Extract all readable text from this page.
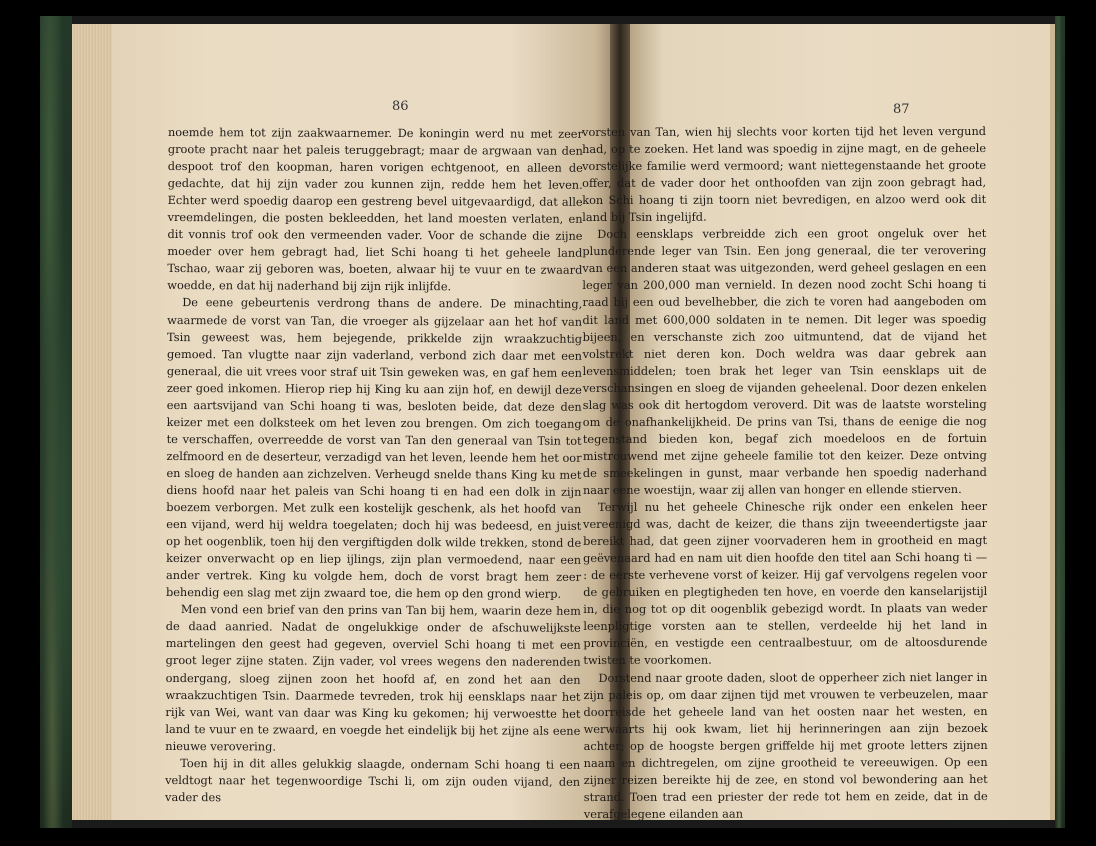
86	87

noemde hem tot zijn zaakwaarnemer. De koningin werd nu met zeer groote pracht naar het paleis teruggebragt; maar de argwaan van den despoot trof den koopman, haren vorigen echtgenoot, en alleen de gedachte, dat hij zijn vader zou kunnen zijn, redde hem het leven. Echter werd spoedig daarop een gestreng bevel uitgevaardigd, dat alle vreemdelingen, die posten bekleedden, het land moesten verlaten, en dit vonnis trof ook den vermeenden vader. Voor de schande die zijne moeder over hem gebragt had, liet Schi hoang ti het geheele land Tschao, waar zij geboren was, boeten, alwaar hij te vuur en te zwaard woedde, en dat hij naderhand bij zijn rijk inlijfde.

De eene gebeurtenis verdrong thans de andere. De minachting, waarmede de vorst van Tan, die vroeger als gijzelaar aan het hof van Tsin geweest was, hem bejegende, prikkelde zijn wraakzuchtig gemoed. Tan vlugtte naar zijn vaderland, verbond zich daar met een generaal, die uit vrees voor straf uit Tsin geweken was, en gaf hem een zeer goed inkomen. Hierop riep hij King ku aan zijn hof, en dewijl deze een aartsvijand van Schi hoang ti was, besloten beide, dat deze den keizer met een dolksteek om het leven zou brengen. Om zich toegang te verschaffen, overreedde de vorst van Tan den generaal van Tsin tot zelfmoord en de deserteur, verzadigd van het leven, leende hem het oor en sloeg de handen aan zichzelven. Verheugd snelde thans King ku met diens hoofd naar het paleis van Schi hoang ti en had een dolk in zijn boezem verborgen. Met zulk een kostelijk geschenk, als het hoofd van een vijand, werd hij weldra toegelaten; doch hij was bedeesd, en juist op het oogenblik, toen hij den vergiftigden dolk wilde trekken, stond de keizer onverwacht op en liep ijlings, zijn plan vermoedend, naar een ander vertrek. King ku volgde hem, doch de vorst bragt hem zeer behendig een slag met zijn zwaard toe, die hem op den grond wierp.

Men vond een brief van den prins van Tan bij hem, waarin deze hem de daad aanried. Nadat de ongelukkige onder de afschuwelijkste martelingen den geest had gegeven, overviel Schi hoang ti met een groot leger zijne staten. Zijn vader, vol vrees wegens den naderenden ondergang, sloeg zijnen zoon het hoofd af, en zond het aan den wraakzuchtigen Tsin. Daarmede tevreden, trok hij eensklaps naar het rijk van Wei, want van daar was King ku gekomen; hij verwoestte het land te vuur en te zwaard, en voegde het eindelijk bij het zijne als eene nieuwe verovering.

Toen hij in dit alles gelukkig slaagde, ondernam Schi hoang ti een veldtogt naar het tegenwoordige Tschi li, om zijn ouden vijand, den vader des

vorsten van Tan, wien hij slechts voor korten tijd het leven vergund had, op te zoeken. Het land was spoedig in zijne magt, en de geheele vorstelijke familie werd vermoord; want niettegenstaande het groote offer, dat de vader door het onthoofden van zijn zoon gebragt had, kon Schi hoang ti zijn toorn niet bevredigen, en alzoo werd ook dit land bij Tsin ingelijfd.

Doch eensklaps verbreidde zich een groot ongeluk over het plunderende leger van Tsin. Een jong generaal, die ter verovering van een anderen staat was uitgezonden, werd geheel geslagen en een leger van 200,000 man vernield. In dezen nood zocht Schi hoang ti raad bij een oud bevelhebber, die zich te voren had aangeboden om dit land met 600,000 soldaten in te nemen. Dit leger was spoedig bijeen, en verschanste zich zoo uitmuntend, dat de vijand het volstrekt niet deren kon. Doch weldra was daar gebrek aan levensmiddelen; toen brak het leger van Tsin eensklaps uit de verschansingen en sloeg de vijanden geheelenal. Door dezen enkelen slag was ook dit hertogdom veroverd. Dit was de laatste worsteling om de onafhankelijkheid. De prins van Tsi, thans de eenige die nog tegenstand bieden kon, begaf zich moedeloos en de fortuin mistrouwend met zijne geheele familie tot den keizer. Deze ontving de smeekelingen in gunst, maar verbande hen spoedig naderhand naar eene woestijn, waar zij allen van honger en ellende stierven.

Terwijl nu het geheele Chinesche rijk onder een enkelen heer vereenigd was, dacht de keizer, die thans zijn tweeendertigste jaar bereikt had, dat geen zijner voorvaderen hem in grootheid en magt geëvenaard had en nam uit dien hoofde den titel aan Schi hoang ti — : de eerste verhevene vorst of keizer. Hij gaf vervolgens regelen voor de gebruiken en plegtigheden ten hove, en voerde den kanselarijstijl in, die nog tot op dit oogenblik gebezigd wordt. In plaats van weder leenpligtige vorsten aan te stellen, verdeelde hij het land in provinciën, en vestigde een centraalbestuur, om de altoosdurende twisten te voorkomen.

Dorstend naar groote daden, sloot de opperheer zich niet langer in zijn paleis op, om daar zijnen tijd met vrouwen te verbeuzelen, maar doorreisde het geheele land van het oosten naar het westen, en werwaarts hij ook kwam, liet hij herinneringen aan zijn bezoek achter; op de hoogste bergen griffelde hij met groote letters zijnen naam en dichtregelen, om zijne grootheid te vereeuwigen. Op een zijner reizen bereikte hij de zee, en stond vol bewondering aan het strand. Toen trad een priester der rede tot hem en zeide, dat in de verafgelegene eilanden aan
